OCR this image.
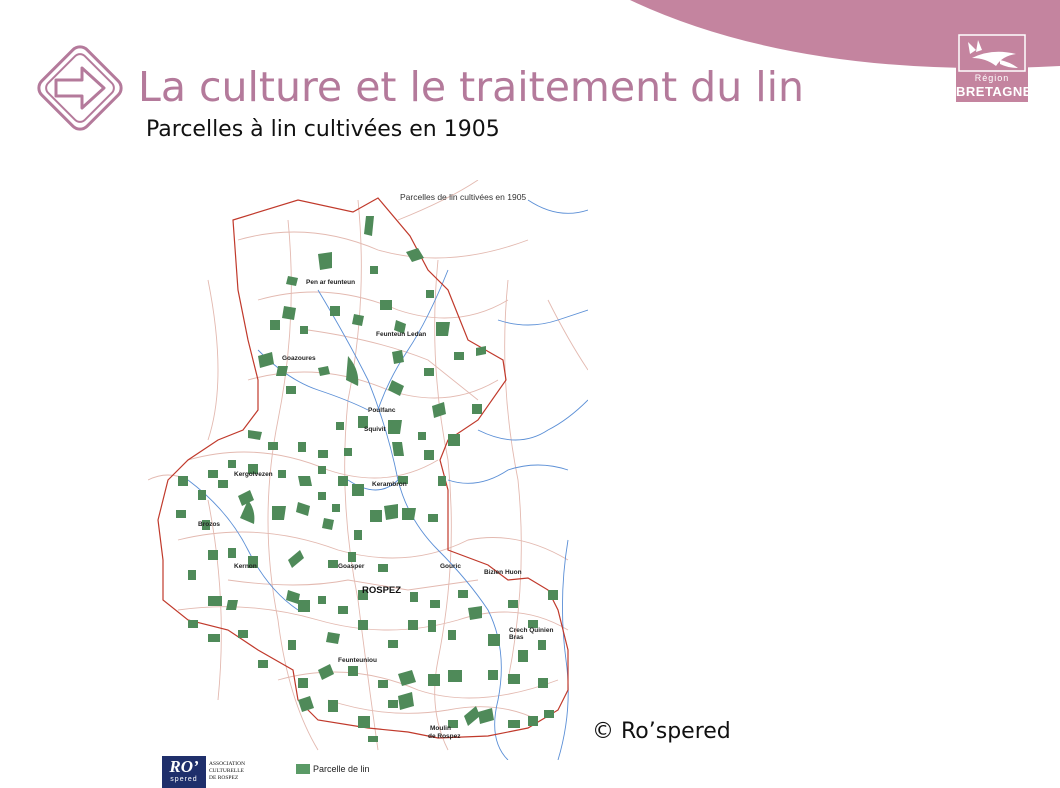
La culture et le traitement du lin
Parcelles à lin cultivées en 1905
Région
BRETAGNE
Parcelles de lin cultivées en 1905
Pen ar feunteun
Feunteun Ledan
Goazoures
Poulfanc
Squivit
Kergolvezen
Kerambron
Brozos
Kernon	Goasper	Gouric
Bizien Huon
ROSPEZ
Crech Quinien
Bras
Feunteuniou
Moulin
de Rospez	© Ro’spered
RO’
spered
ASSOCIATION
CULTURELLE
DE ROSPEZ
Parcelle de lin
